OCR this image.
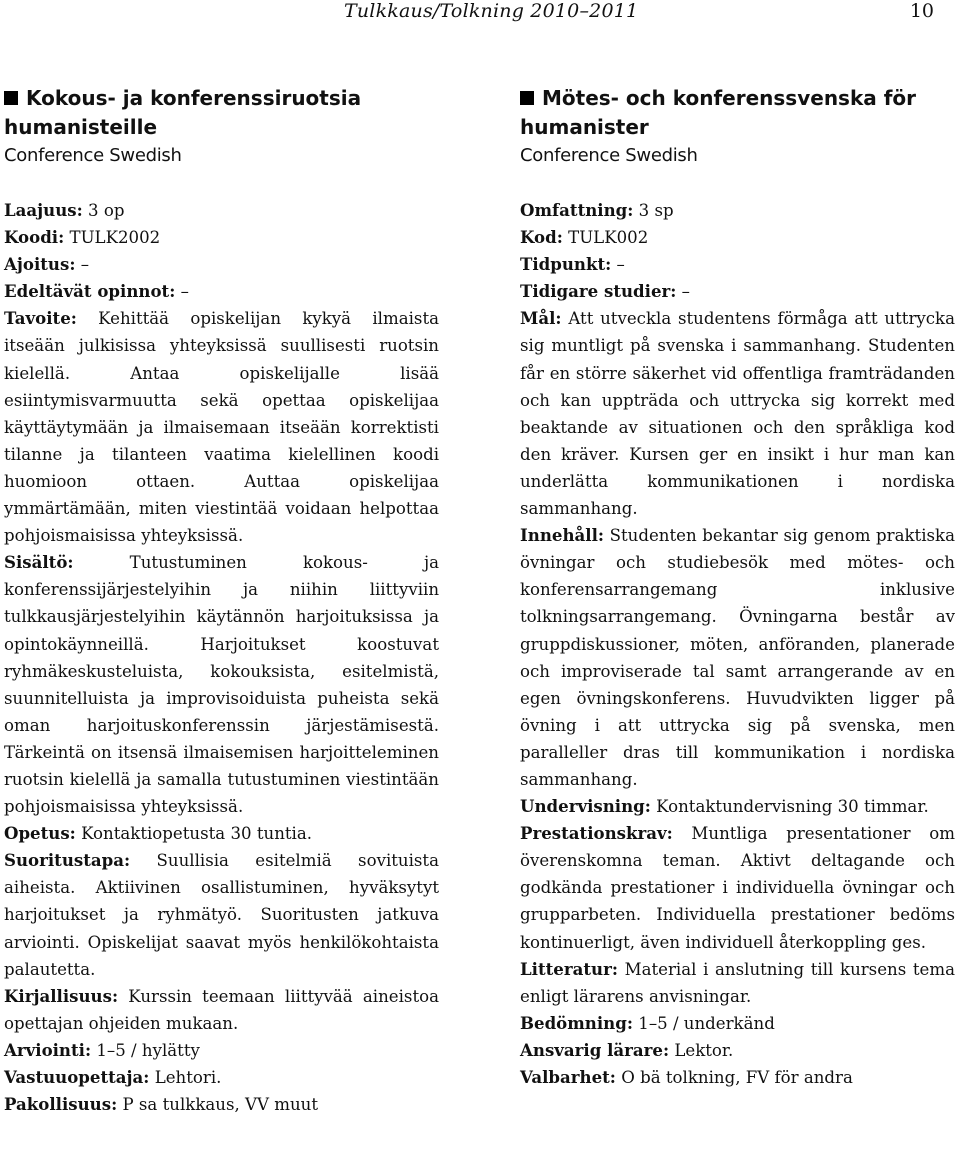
Tulkkaus/Tolkning 2010–2011	10
Kokous- ja konferenssiruotsia humanisteille

Conference Swedish

Laajuus: 3 op

Koodi: TULK2002

Ajoitus: –

Edeltävät opinnot: –

Tavoite: Kehittää opiskelijan kykyä ilmaista itseään julkisissa yhteyksissä suullisesti ruotsin kielellä. Antaa opiskelijalle lisää esiintymisvarmuutta sekä opettaa opiskelijaa käyttäytymään ja ilmaisemaan itseään korrektisti tilanne ja tilanteen vaatima kielellinen koodi huomioon ottaen. Auttaa opiskelijaa ymmärtämään, miten viestintää voidaan helpottaa pohjoismaisissa yhteyksissä.

Sisältö: Tutustuminen kokous- ja konferenssijärjestelyihin ja niihin liittyviin tulkkausjärjestelyihin käytännön harjoituksissa ja opintokäynneillä. Harjoitukset koostuvat ryhmäkeskusteluista, kokouksista, esitelmistä, suunnitelluista ja improvisoiduista puheista sekä oman harjoituskonferenssin järjestämisestä. Tärkeintä on itsensä ilmaisemisen harjoitteleminen ruotsin kielellä ja samalla tutustuminen viestintään pohjoismaisissa yhteyksissä.

Opetus: Kontaktiopetusta 30 tuntia.

Suoritustapa: Suullisia esitelmiä sovituista aiheista. Aktiivinen osallistuminen, hyväksytyt harjoitukset ja ryhmätyö. Suoritusten jatkuva arviointi. Opiskelijat saavat myös henkilökohtaista palautetta.

Kirjallisuus: Kurssin teemaan liittyvää aineistoa opettajan ohjeiden mukaan.

Arviointi: 1–5 / hylätty

Vastuuopettaja: Lehtori.

Pakollisuus: P sa tulkkaus, VV muut

Mötes- och konferenssvenska för humanister

Conference Swedish

Omfattning: 3 sp

Kod: TULK002

Tidpunkt: –

Tidigare studier: –

Mål: Att utveckla studentens förmåga att uttrycka sig muntligt på svenska i sammanhang. Studenten får en större säkerhet vid offentliga framträdanden och kan uppträda och uttrycka sig korrekt med beaktande av situationen och den språkliga kod den kräver. Kursen ger en insikt i hur man kan underlätta kommunikationen i nordiska sammanhang.

Innehåll: Studenten bekantar sig genom praktiska övningar och studiebesök med mötes- och konferensarrangemang inklusive tolkningsarrangemang. Övningarna består av gruppdiskussioner, möten, anföranden, planerade och improviserade tal samt arrangerande av en egen övningskonferens. Huvudvikten ligger på övning i att uttrycka sig på svenska, men paralleller dras till kommunikation i nordiska sammanhang.

Undervisning: Kontaktundervisning 30 timmar.

Prestationskrav: Muntliga presentationer om överenskomna teman. Aktivt deltagande och godkända prestationer i individuella övningar och grupparbeten. Individuella prestationer bedöms kontinuerligt, även individuell återkoppling ges.

Litteratur: Material i anslutning till kursens tema enligt lärarens anvisningar.

Bedömning: 1–5 / underkänd

Ansvarig lärare: Lektor.

Valbarhet: O bä tolkning, FV för andra
